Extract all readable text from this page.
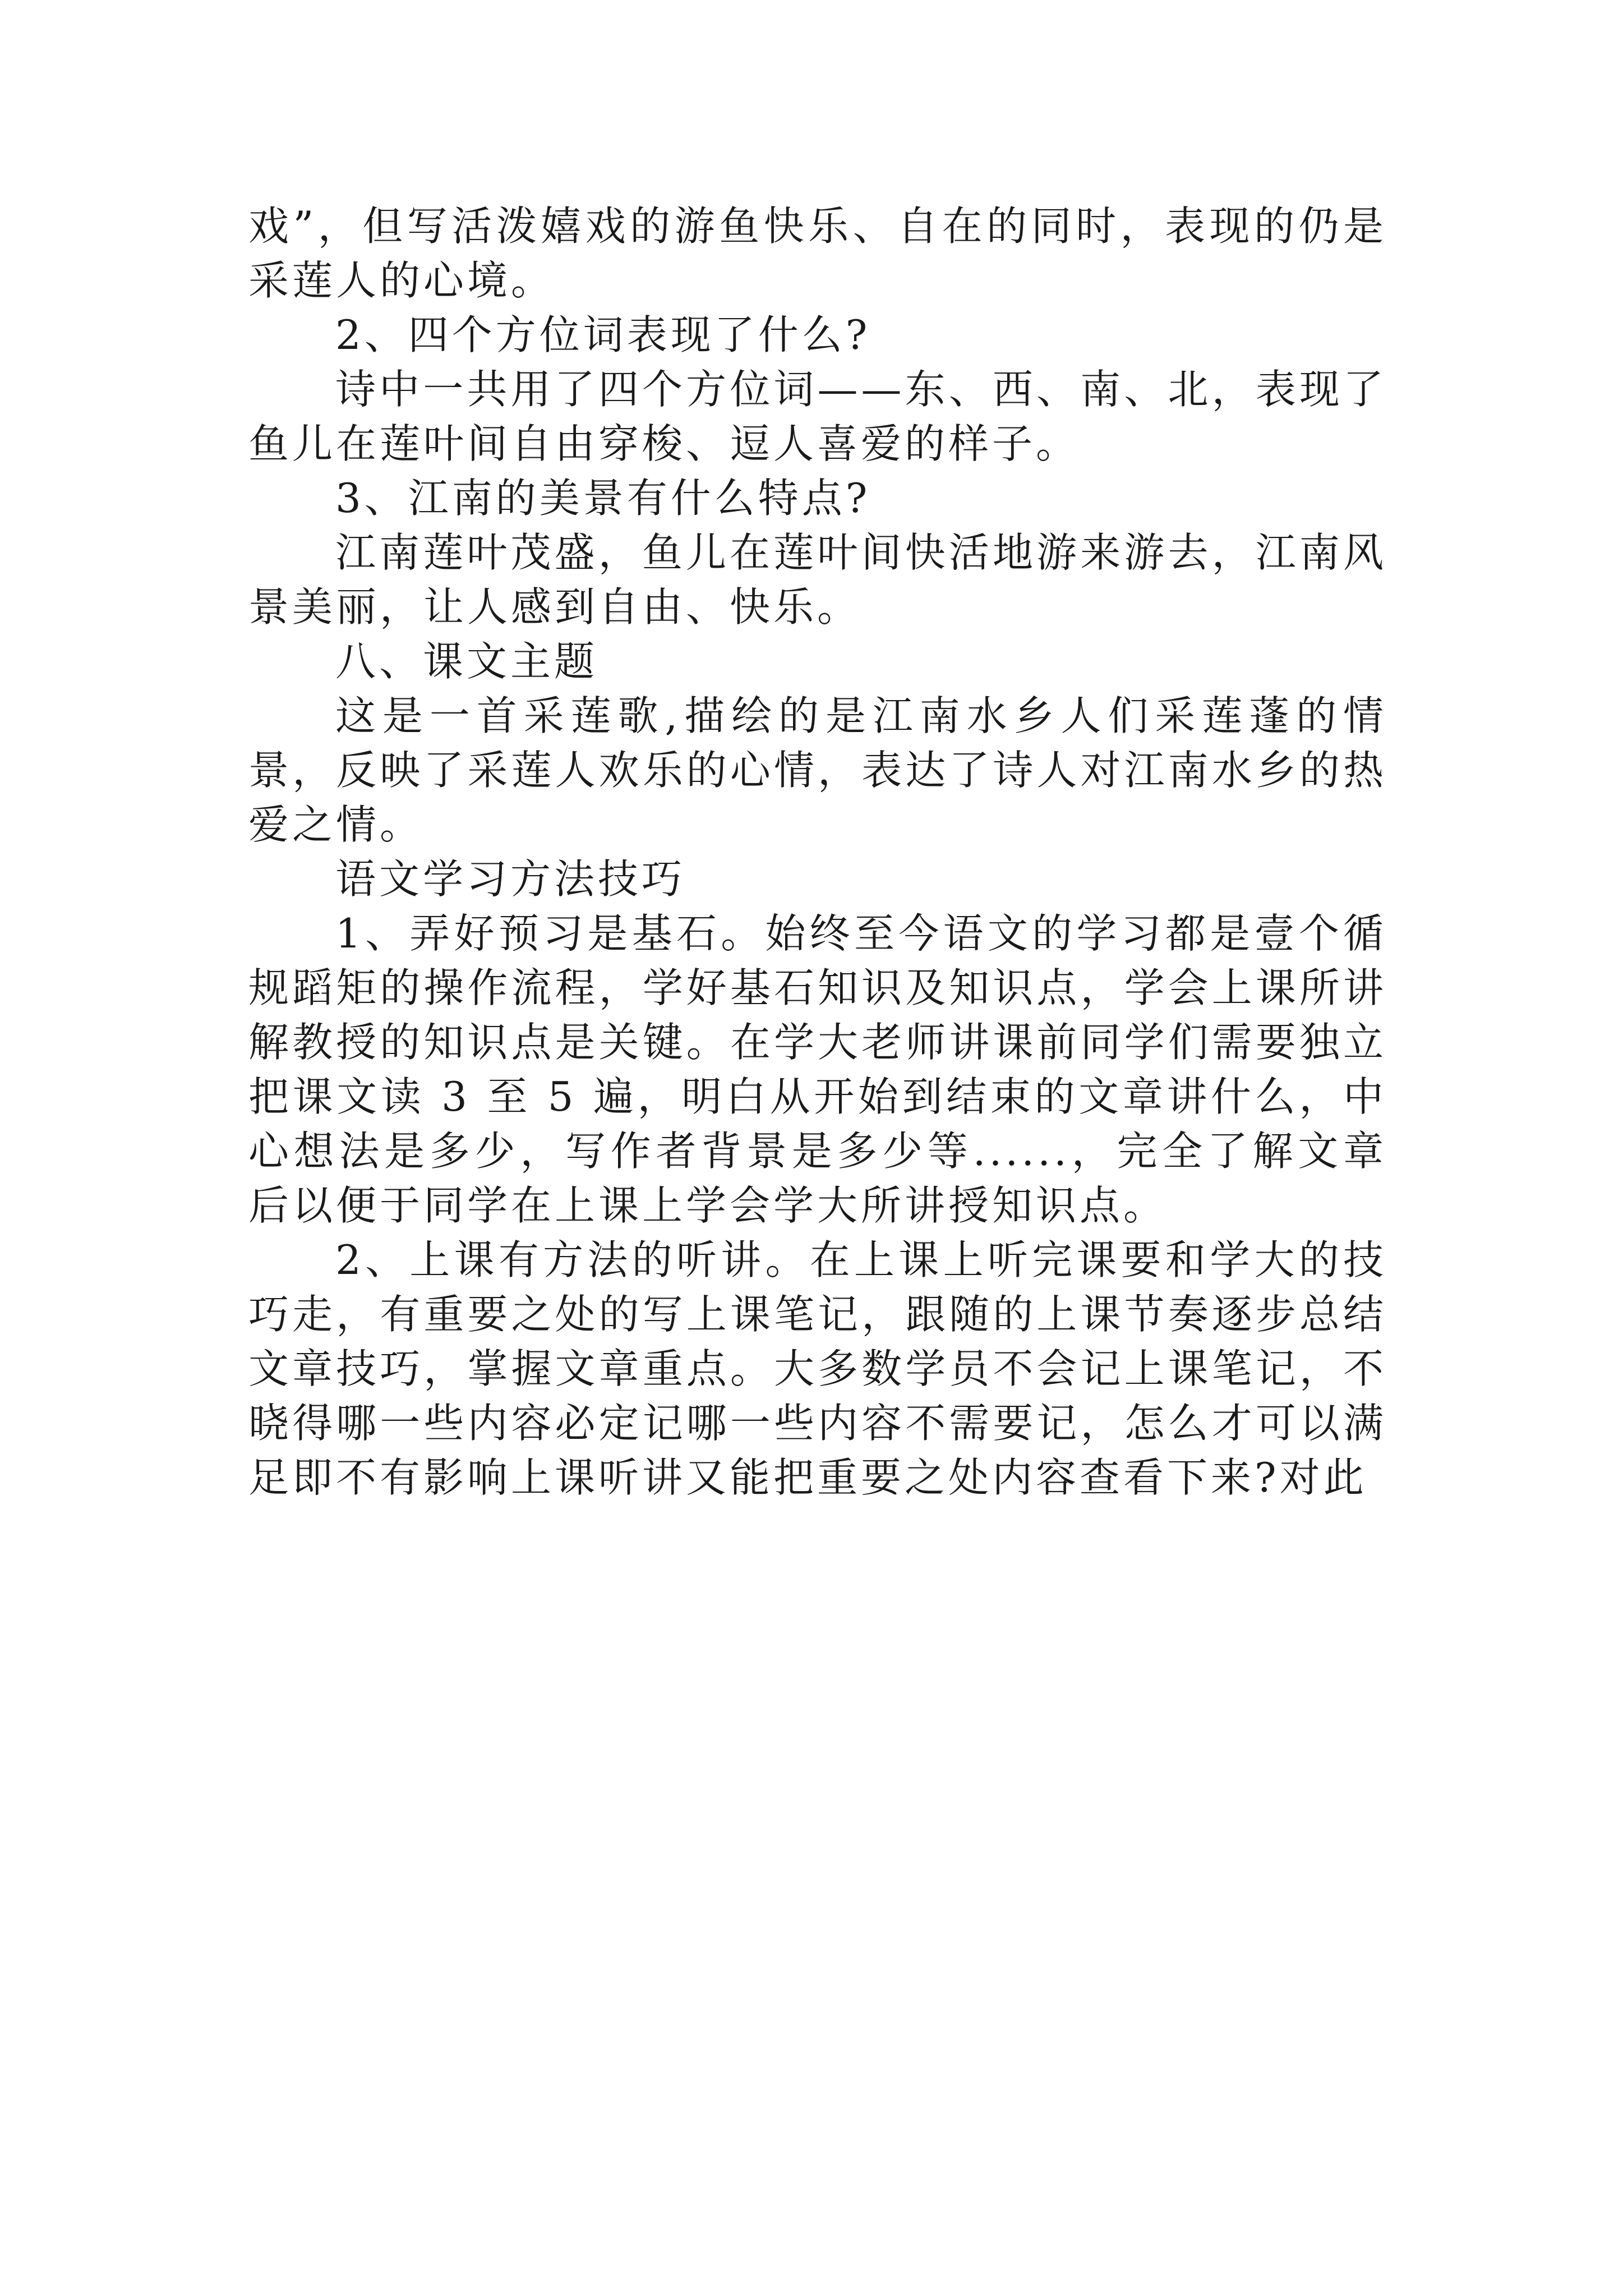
戏”，但写活泼嬉戏的游鱼快乐、自在的同时，表现的仍是采莲人的心境。

2、四个方位词表现了什么?

诗中一共用了四个方位词——东、西、南、北，表现了鱼儿在莲叶间自由穿梭、逗人喜爱的样子。

3、江南的美景有什么特点?

江南莲叶茂盛，鱼儿在莲叶间快活地游来游去，江南风景美丽，让人感到自由、快乐。

八、课文主题

这是一首采莲歌,描绘的是江南水乡人们采莲蓬的情景，反映了采莲人欢乐的心情，表达了诗人对江南水乡的热爱之情。

语文学习方法技巧

1、弄好预习是基石。始终至今语文的学习都是壹个循规蹈矩的操作流程，学好基石知识及知识点，学会上课所讲解教授的知识点是关键。在学大老师讲课前同学们需要独立把课文读 3 至 5 遍，明白从开始到结束的文章讲什么，中心想法是多少，写作者背景是多少等......，完全了解文章后以便于同学在上课上学会学大所讲授知识点。

2、上课有方法的听讲。在上课上听完课要和学大的技巧走，有重要之处的写上课笔记，跟随的上课节奏逐步总结文章技巧，掌握文章重点。大多数学员不会记上课笔记，不晓得哪一些内容必定记哪一些内容不需要记，怎么才可以满足即不有影响上课听讲又能把重要之处内容查看下来?对此
